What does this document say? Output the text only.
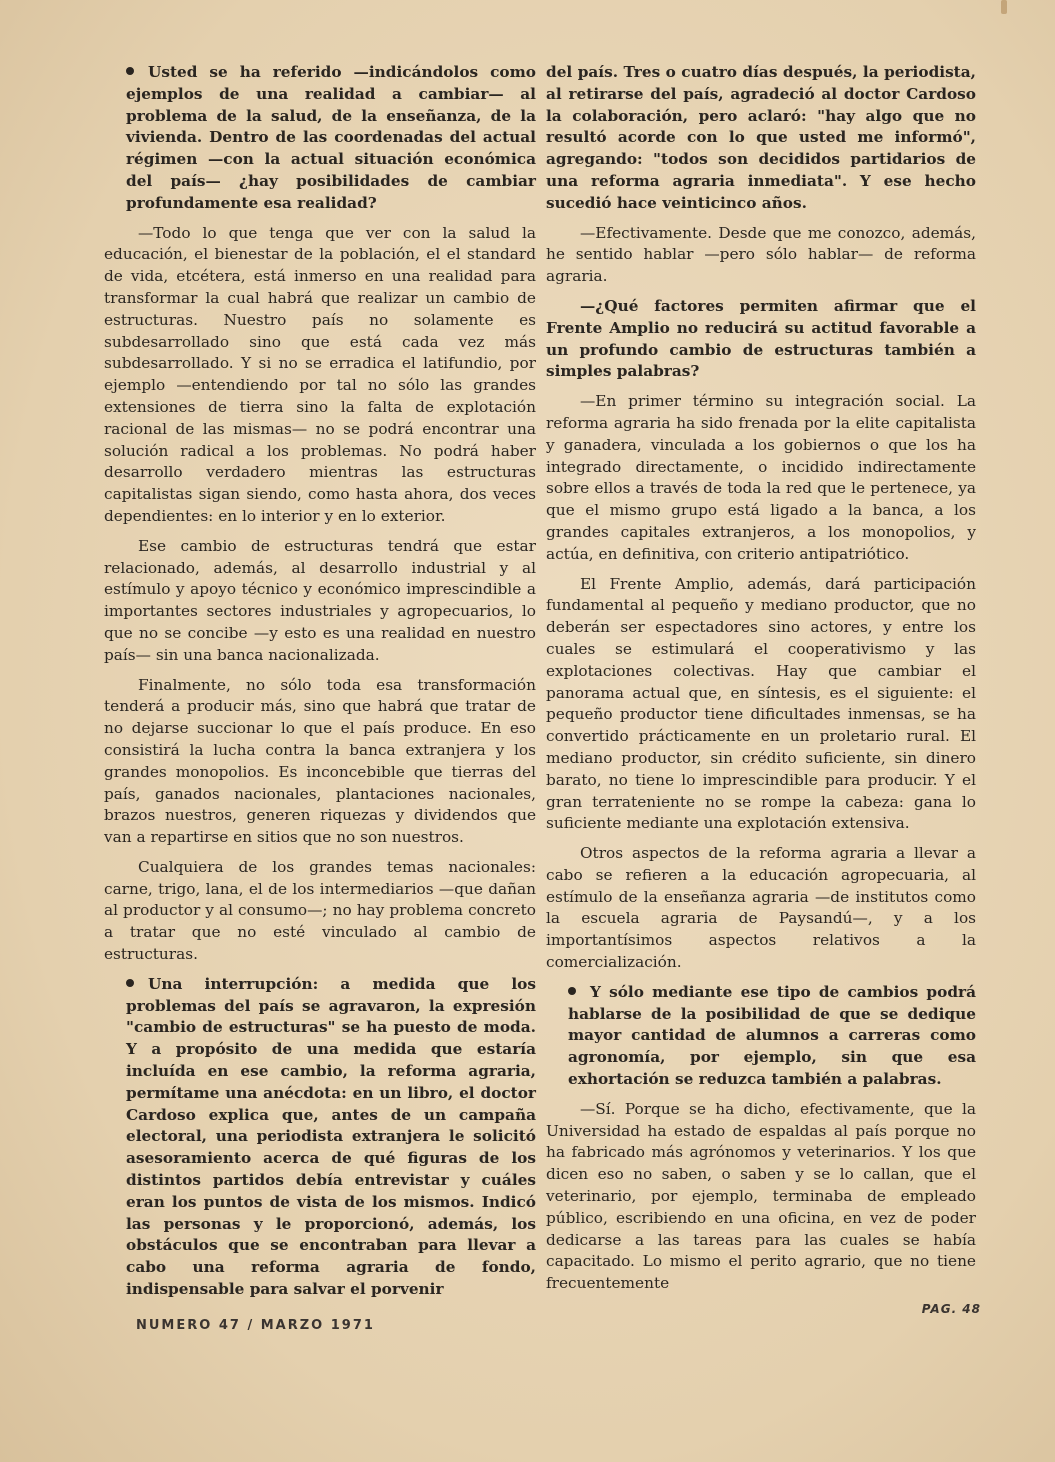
Usted se ha referido —indicándolos como ejemplos de una realidad a cambiar— al problema de la salud, de la enseñanza, de la vivienda. Dentro de las coordenadas del actual régimen —con la actual situación económica del país— ¿hay posibilidades de cambiar profundamente esa realidad?

—Todo lo que tenga que ver con la salud la educación, el bienestar de la población, el el standard de vida, etcétera, está inmerso en una realidad para transformar la cual habrá que realizar un cambio de estructuras. Nuestro país no solamente es subdesarrollado sino que está cada vez más subdesarrollado. Y si no se erradica el latifundio, por ejemplo —entendiendo por tal no sólo las grandes extensiones de tierra sino la falta de explotación racional de las mismas— no se podrá encontrar una solución radical a los problemas. No podrá haber desarrollo verdadero mientras las estructuras capitalistas sigan siendo, como hasta ahora, dos veces dependientes: en lo interior y en lo exterior.

Ese cambio de estructuras tendrá que estar relacionado, además, al desarrollo industrial y al estímulo y apoyo técnico y económico imprescindible a importantes sectores industriales y agropecuarios, lo que no se concibe —y esto es una realidad en nuestro país— sin una banca nacionalizada.

Finalmente, no sólo toda esa transformación tenderá a producir más, sino que habrá que tratar de no dejarse succionar lo que el país produce. En eso consistirá la lucha contra la banca extranjera y los grandes monopolios. Es inconcebible que tierras del país, ganados nacionales, plantaciones nacionales, brazos nuestros, generen riquezas y dividendos que van a repartirse en sitios que no son nuestros.

Cualquiera de los grandes temas nacionales: carne, trigo, lana, el de los intermediarios —que dañan al productor y al consumo—; no hay problema concreto a tratar que no esté vinculado al cambio de estructuras.

Una interrupción: a medida que los problemas del país se agravaron, la expresión "cambio de estructuras" se ha puesto de moda. Y a propósito de una medida que estaría incluída en ese cambio, la reforma agraria, permítame una anécdota: en un libro, el doctor Cardoso explica que, antes de un campaña electoral, una periodista extranjera le solicitó asesoramiento acerca de qué figuras de los distintos partidos debía entrevistar y cuáles eran los puntos de vista de los mismos. Indicó las personas y le proporcionó, además, los obstáculos que se encontraban para llevar a cabo una reforma agraria de fondo, indispensable para salvar el porvenir

del país. Tres o cuatro días después, la periodista, al retirarse del país, agradeció al doctor Cardoso la colaboración, pero aclaró: "hay algo que no resultó acorde con lo que usted me informó", agregando: "todos son decididos partidarios de una reforma agraria inmediata". Y ese hecho sucedió hace veinticinco años.

—Efectivamente. Desde que me conozco, además, he sentido hablar —pero sólo hablar— de reforma agraria.

—¿Qué factores permiten afirmar que el Frente Amplio no reducirá su actitud favorable a un profundo cambio de estructuras también a simples palabras?

—En primer término su integración social. La reforma agraria ha sido frenada por la elite capitalista y ganadera, vinculada a los gobiernos o que los ha integrado directamente, o incidido indirectamente sobre ellos a través de toda la red que le pertenece, ya que el mismo grupo está ligado a la banca, a los grandes capitales extranjeros, a los monopolios, y actúa, en definitiva, con criterio antipatriótico.

El Frente Amplio, además, dará participación fundamental al pequeño y mediano productor, que no deberán ser espectadores sino actores, y entre los cuales se estimulará el cooperativismo y las explotaciones colectivas. Hay que cambiar el panorama actual que, en síntesis, es el siguiente: el pequeño productor tiene dificultades inmensas, se ha convertido prácticamente en un proletario rural. El mediano productor, sin crédito suficiente, sin dinero barato, no tiene lo imprescindible para producir. Y el gran terrateniente no se rompe la cabeza: gana lo suficiente mediante una explotación extensiva.

Otros aspectos de la reforma agraria a llevar a cabo se refieren a la educación agropecuaria, al estímulo de la enseñanza agraria —de institutos como la escuela agraria de Paysandú—, y a los importantísimos aspectos relativos a la comercialización.

Y sólo mediante ese tipo de cambios podrá hablarse de la posibilidad de que se dedique mayor cantidad de alumnos a carreras como agronomía, por ejemplo, sin que esa exhortación se reduzca también a palabras.

—Sí. Porque se ha dicho, efectivamente, que la Universidad ha estado de espaldas al país porque no ha fabricado más agrónomos y veterinarios. Y los que dicen eso no saben, o saben y se lo callan, que el veterinario, por ejemplo, terminaba de empleado público, escribiendo en una oficina, en vez de poder dedicarse a las tareas para las cuales se había capacitado. Lo mismo el perito agrario, que no tiene frecuentemente

NUMERO 47 / MARZO 1971
PAG. 48
